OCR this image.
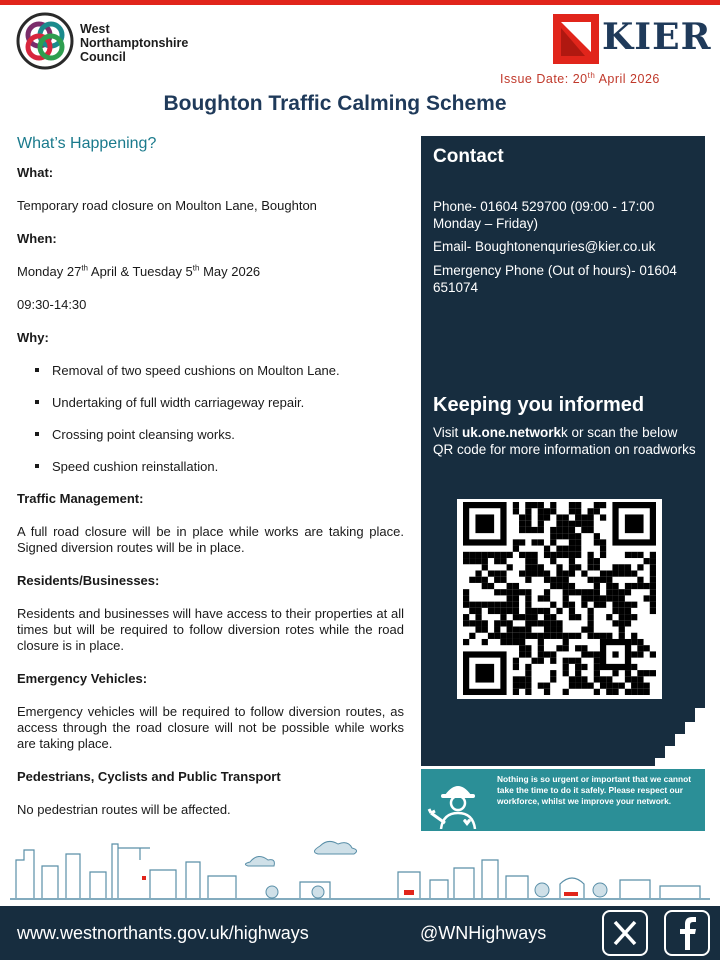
West
Northamptonshire
Council	KIER
Issue Date: 20th April 2026
Boughton Traffic Calming Scheme
What’s Happening?
What:
Temporary road closure on Moulton Lane, Boughton
When:
Monday 27th April & Tuesday 5th May 2026
09:30-14:30
Why:
Removal of two speed cushions on Moulton Lane.
Undertaking of full width carriageway repair.
Crossing point cleansing works.
Speed cushion reinstallation.
Traffic Management:
A full road closure will be in place while works are taking place. Signed diversion routes will be in place.
Residents/Businesses:
Residents and businesses will have access to their properties at all times but will be required to follow diversion rotes while the road closure is in place.
Emergency Vehicles:
Emergency vehicles will be required to follow diversion routes, as access through the road closure will not be possible while works are taking place.
Pedestrians, Cyclists and Public Transport
No pedestrian routes will be affected.
Contact
Phone- 01604 529700 (09:00 - 17:00 Monday – Friday)
Email- Boughtonenquries@kier.co.uk
Emergency Phone (Out of hours)- 01604 651074
Keeping you informed
Visit uk.one.networkk or scan the below QR code for more information on roadworks
Nothing is so urgent or important that we cannot take the time to do it safely. Please respect our workforce, whilst we improve your network.
www.westnorthants.gov.uk/highways	@WNHighways
